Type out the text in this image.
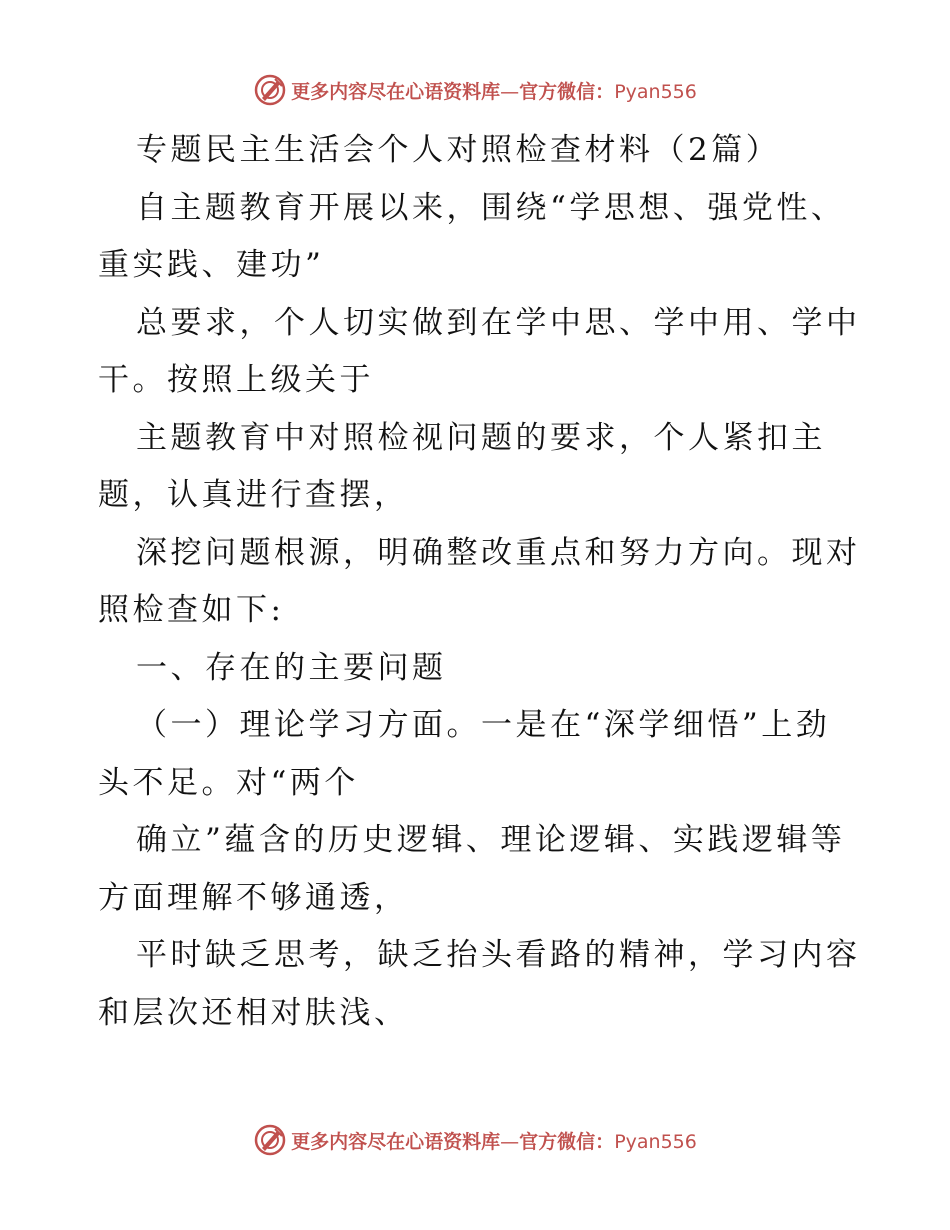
更多内容尽在心语资料库—官方微信：Pyan556
专题民主生活会个人对照检查材料（2篇）
自主题教育开展以来，围绕“学思想、强党性、
重实践、建功”
总要求，个人切实做到在学中思、学中用、学中
干。按照上级关于
主题教育中对照检视问题的要求，个人紧扣主
题，认真进行查摆，
深挖问题根源，明确整改重点和努力方向。现对
照检查如下:
一、存在的主要问题
（一）理论学习方面。一是在“深学细悟”上劲
头不足。对“两个
确立”蕴含的历史逻辑、理论逻辑、实践逻辑等
方面理解不够通透，
平时缺乏思考，缺乏抬头看路的精神，学习内容
和层次还相对肤浅、
更多内容尽在心语资料库—官方微信：Pyan556
